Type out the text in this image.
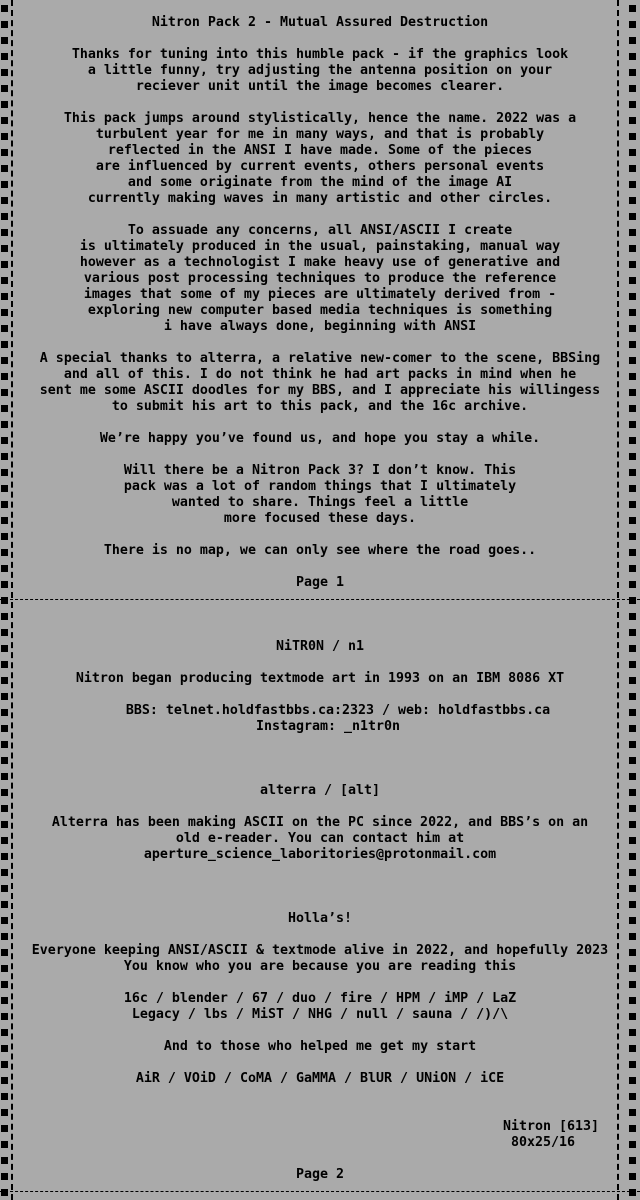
Nitron Pack 2 - Mutual Assured Destruction
Thanks for tuning into this humble pack - if the graphics look
a little funny, try adjusting the antenna position on your
reciever unit until the image becomes clearer.
This pack jumps around stylistically, hence the name. 2022 was a
turbulent year for me in many ways, and that is probably
reflected in the ANSI I have made. Some of the pieces
are influenced by current events, others personal events
and some originate from the mind of the image AI
currently making waves in many artistic and other circles.
To assuade any concerns, all ANSI/ASCII I create
is ultimately produced in the usual, painstaking, manual way
however as a technologist I make heavy use of generative and
various post processing techniques to produce the reference
images that some of my pieces are ultimately derived from -
exploring new computer based media techniques is something
i have always done, beginning with ANSI
A special thanks to alterra, a relative new-comer to the scene, BBSing
and all of this. I do not think he had art packs in mind when he
sent me some ASCII doodles for my BBS, and I appreciate his willingess
to submit his art to this pack, and the 16c archive.
We’re happy you’ve found us, and hope you stay a while.
Will there be a Nitron Pack 3? I don’t know. This
pack was a lot of random things that I ultimately
wanted to share. Things feel a little
more focused these days.
There is no map, we can only see where the road goes..
Page 1
NiTR0N / n1
Nitron began producing textmode art in 1993 on an IBM 8086 XT
BBS: telnet.holdfastbbs.ca:2323 / web: holdfastbbs.ca
Instagram: _n1tr0n
alterra / [alt]
Alterra has been making ASCII on the PC since 2022, and BBS’s on an
old e-reader. You can contact him at
aperture_science_laboritories@protonmail.com
Holla’s!
Everyone keeping ANSI/ASCII & textmode alive in 2022, and hopefully 2023
You know who you are because you are reading this
16c / blender / 67 / duo / fire / HPM / iMP / LaZ
Legacy / lbs / MiST / NHG / null / sauna / /)/\
And to those who helped me get my start
AiR / VOiD / CoMA / GaMMA / BlUR / UNiON / iCE
Nitron [613]
80x25/16
Page 2
